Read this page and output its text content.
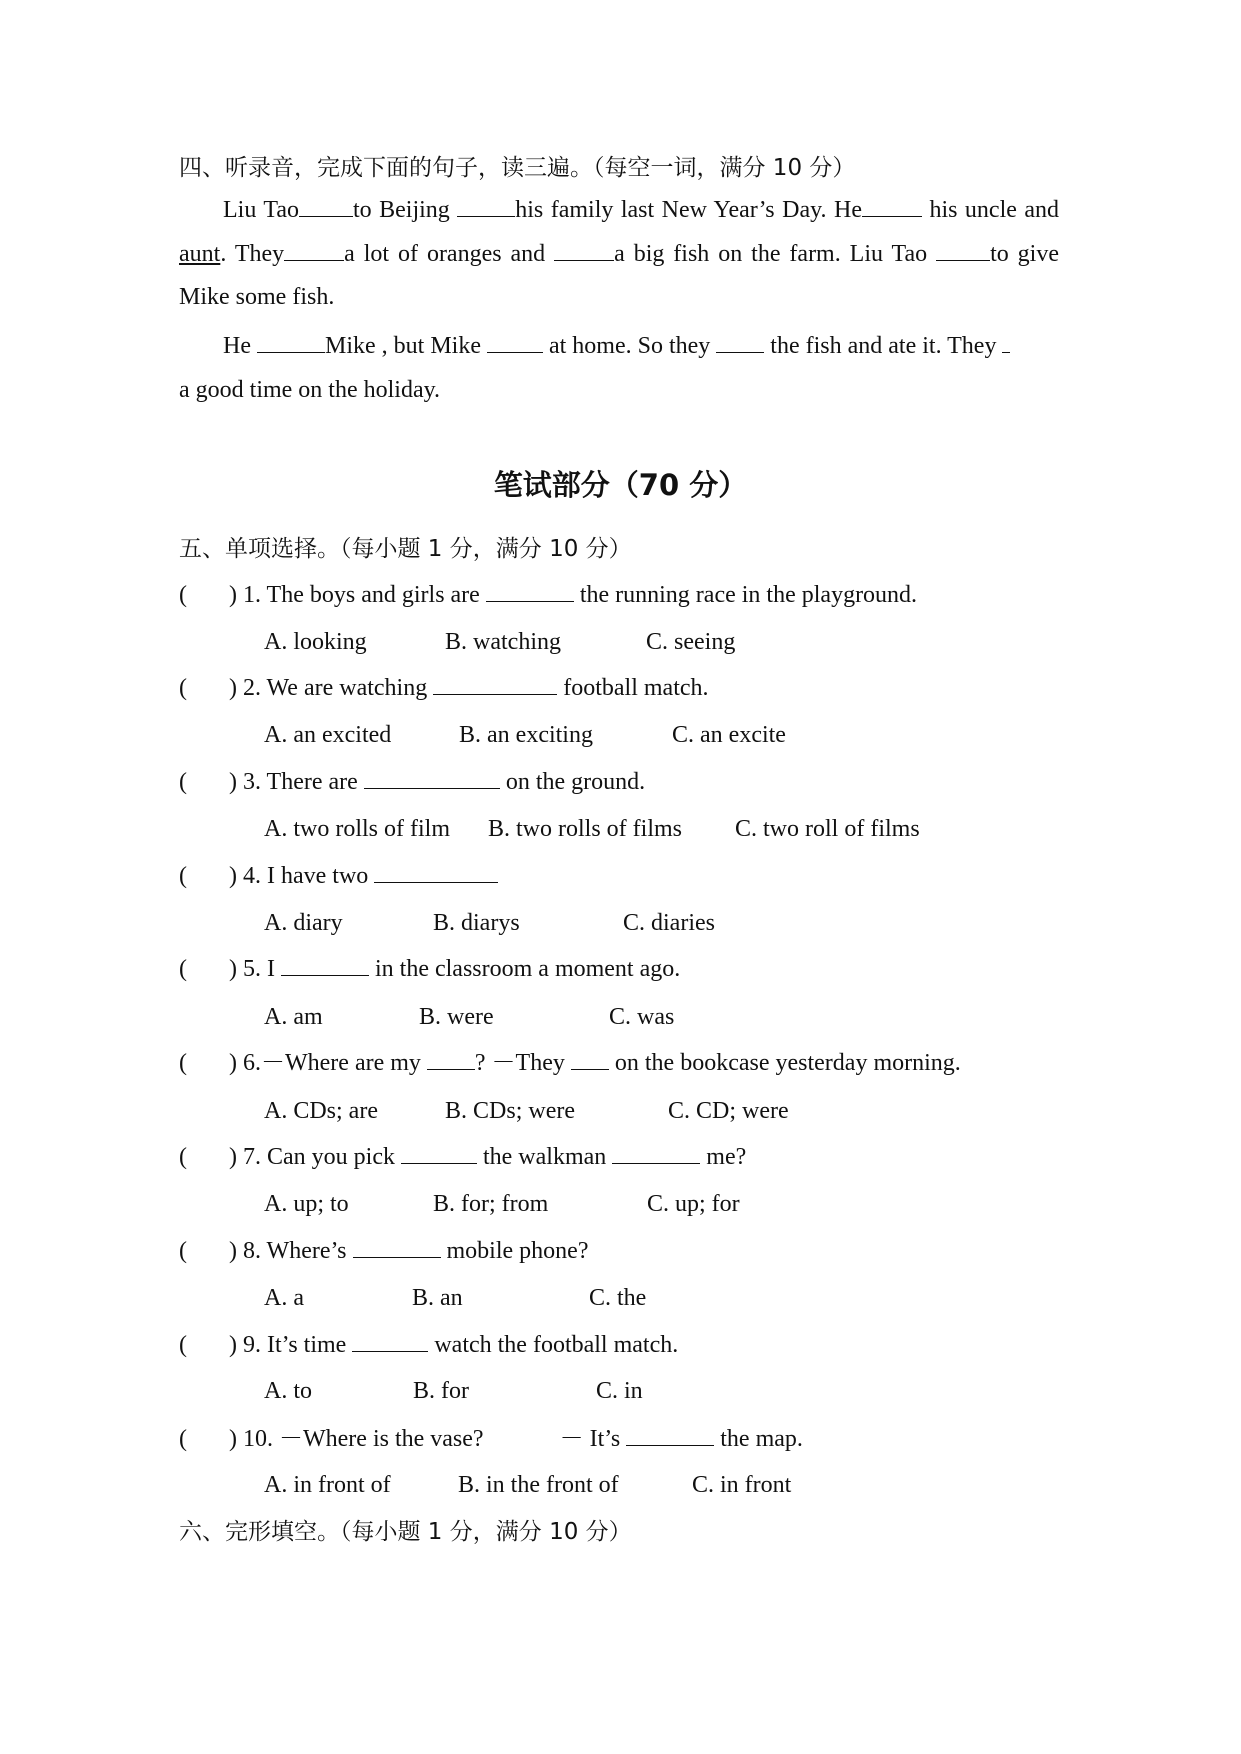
四、听录音，完成下面的句子，读三遍。（每空一词，满分 10 分）
Liu Tao to Beijing his family last New Year’s Day. He	his uncle and aunt. They	a lot of oranges and	a big fish on the farm. Liu Tao to give Mike some fish.
He	Mike , but Mike  at home. So they  the fish and ate it. They
a good time on the holiday.
笔试部分（70 分）
五、单项选择。（每小题 1 分，满分 10 分）
( ) 1. The boys and girls are	the running race in the playground.
A. looking	B. watching	C. seeing
( ) 2. We are watching	football match.
A. an excited	B. an exciting	C. an excite
( ) 3. There are	on the ground.
A. two rolls of film B. two rolls of films C. two roll of films
( ) 4. I have two
A. diary	B. diarys	C. diaries
( ) 5. I	in the classroom a moment ago.
A. am	B. were	C. was
( ) 6.－Where are my ? －They  on the bookcase yesterday morning.
A. CDs; are	B. CDs; were	C. CD; were
( ) 7. Can you pick	the walkman	me?
A. up; to	B. for; from	C. up; for
( ) 8. Where’s	mobile phone?
A. a	B. an	C. the
( ) 9. It’s time	watch the football match.
A. to	B. for	C. in
( ) 10. －Where is the vase?	－ It’s	the map.
A. in front of	B. in the front of	C. in front
六、完形填空。（每小题 1 分，满分 10 分）
